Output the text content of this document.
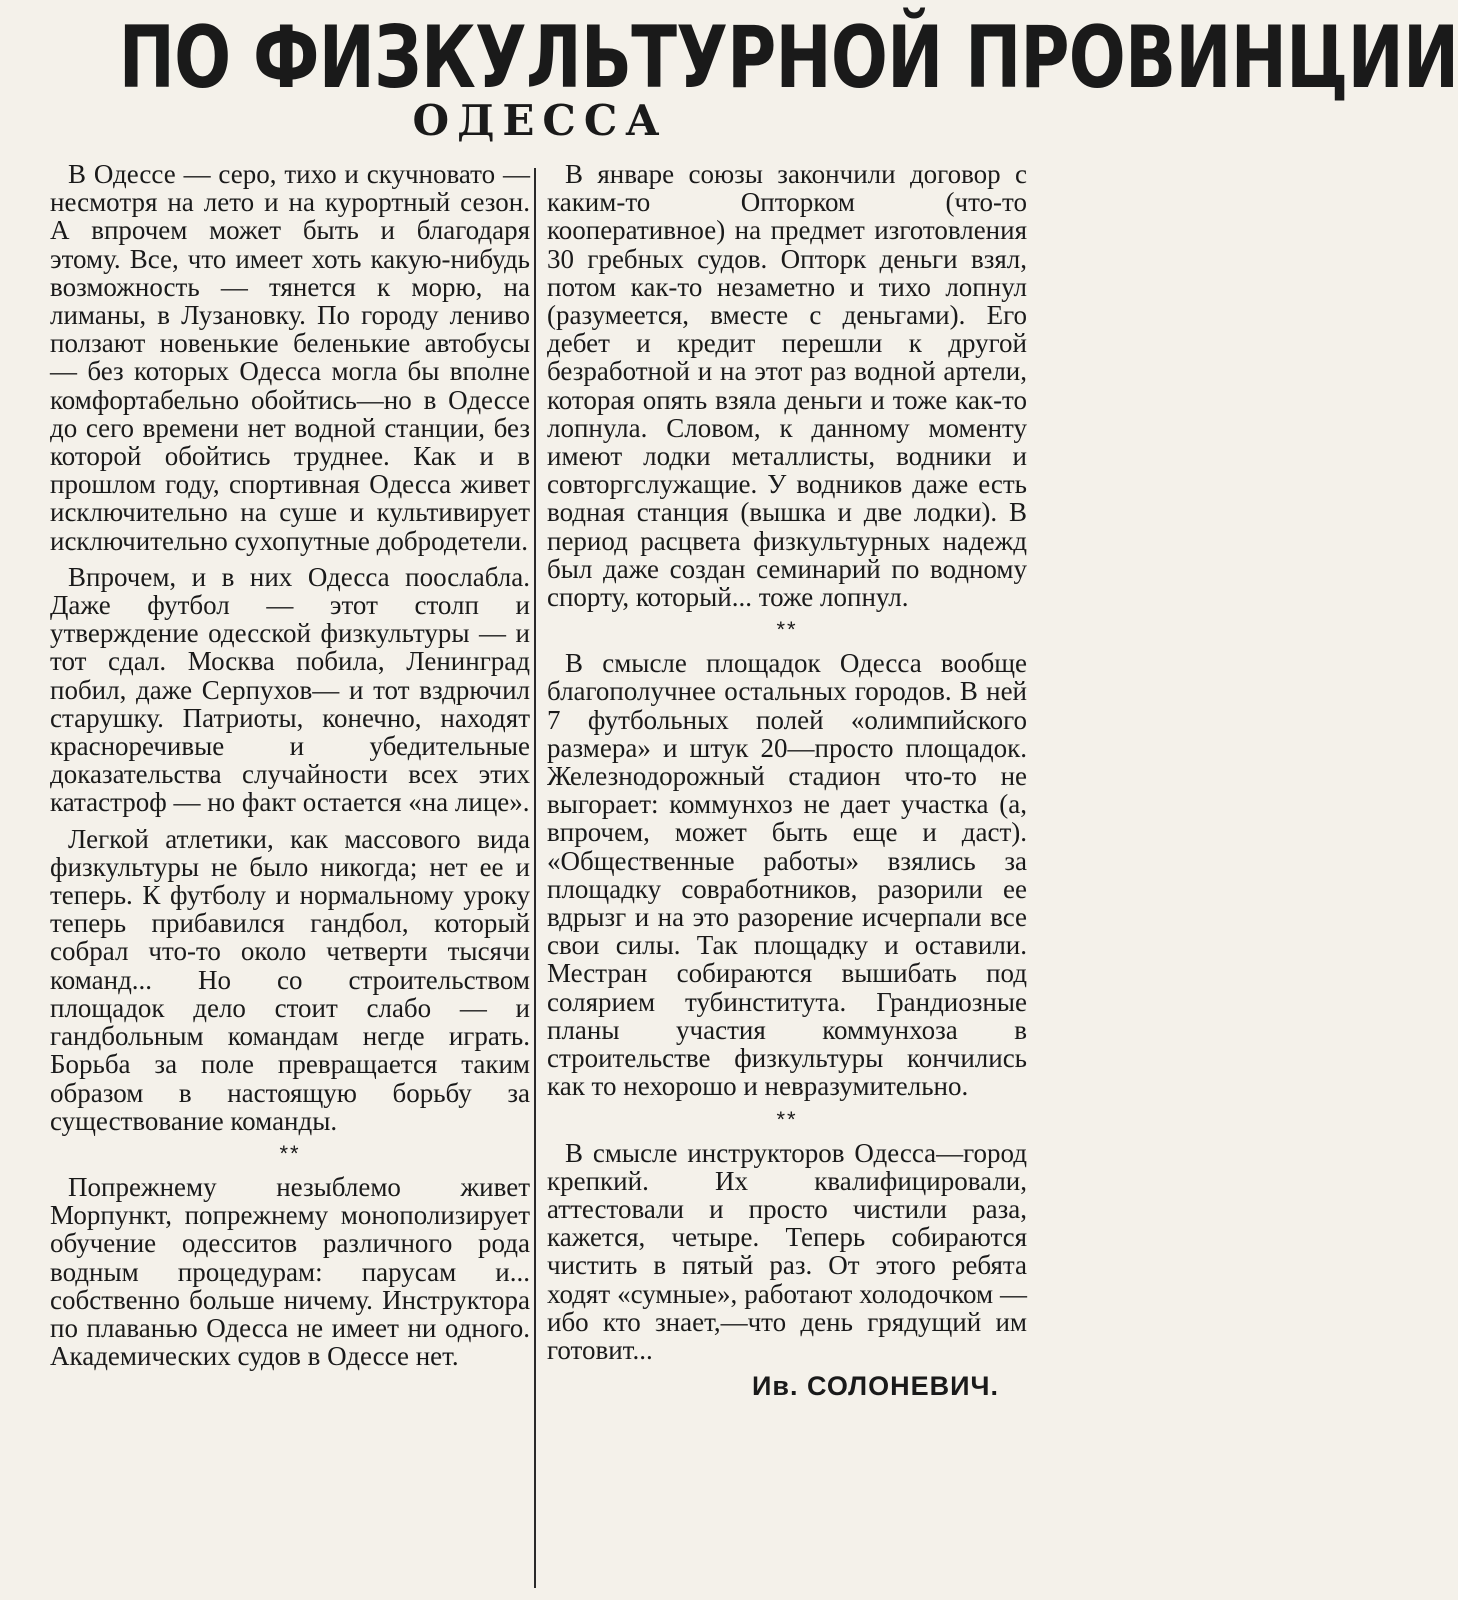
ПО ФИЗКУЛЬТУРНОЙ ПРОВИНЦИИ
ОДЕССА

В Одессе — серо, тихо и скучновато — несмотря на лето и на курортный сезон. А впрочем может быть и благодаря этому. Все, что имеет хоть какую-нибудь возможность — тянется к морю, на лиманы, в Лузановку. По городу лениво ползают новенькие беленькие автобусы — без которых Одесса могла бы вполне комфортабельно обойтись—но в Одессе до сего времени нет водной станции, без которой обойтись труднее. Как и в прошлом году, спортивная Одесса живет исключительно на суше и культивирует исключительно сухопутные добродетели.

Впрочем, и в них Одесса поослабла. Даже футбол — этот столп и утверждение одесской физкультуры — и тот сдал. Москва побила, Ленинград побил, даже Серпухов— и тот вздрючил старушку. Патриоты, конечно, находят красноречивые и убедительные доказательства случайности всех этих катастроф — но факт остается «на лице».

Легкой атлетики, как массового вида физкультуры не было никогда; нет ее и теперь. К футболу и нормальному уроку теперь прибавился гандбол, который собрал что-то около четверти тысячи команд... Но со строительством площадок дело стоит слабо — и гандбольным командам негде играть. Борьба за поле превращается таким образом в настоящую борьбу за существование команды.

**

Попрежнему незыблемо живет Морпункт, попрежнему монополизирует обучение одесситов различного рода водным процедурам: парусам и... собственно больше ничему. Инструктора по плаванью Одесса не имеет ни одного. Академических судов в Одессе нет.

В январе союзы закончили договор с каким-то Опторком (что-то кооперативное) на предмет изготовления 30 гребных судов. Опторк деньги взял, потом как-то незаметно и тихо лопнул (разумеется, вместе с деньгами). Его дебет и кредит перешли к другой безработной и на этот раз водной артели, которая опять взяла деньги и тоже как-то лопнула. Словом, к данному моменту имеют лодки металлисты, водники и совторгслужащие. У водников даже есть водная станция (вышка и две лодки). В период расцвета физкультурных надежд был даже создан семинарий по водному спорту, который... тоже лопнул.

**

В смысле площадок Одесса вообще благополучнее остальных городов. В ней 7 футбольных полей «олимпийского размера» и штук 20—просто площадок. Железнодорожный стадион что-то не выгорает: коммунхоз не дает участка (а, впрочем, может быть еще и даст). «Общественные работы» взялись за площадку совработников, разорили ее вдрызг и на это разорение исчерпали все свои силы. Так площадку и оставили. Местран собираются вышибать под солярием тубинститута. Грандиозные планы участия коммунхоза в строительстве физкультуры кончились как то нехорошо и невразумительно.

**

В смысле инструкторов Одесса—город крепкий. Их квалифицировали, аттестовали и просто чистили раза, кажется, четыре. Теперь собираются чистить в пятый раз. От этого ребята ходят «сумные», работают холодочком — ибо кто знает,—что день грядущий им готовит...

Ив. СОЛОНЕВИЧ.
